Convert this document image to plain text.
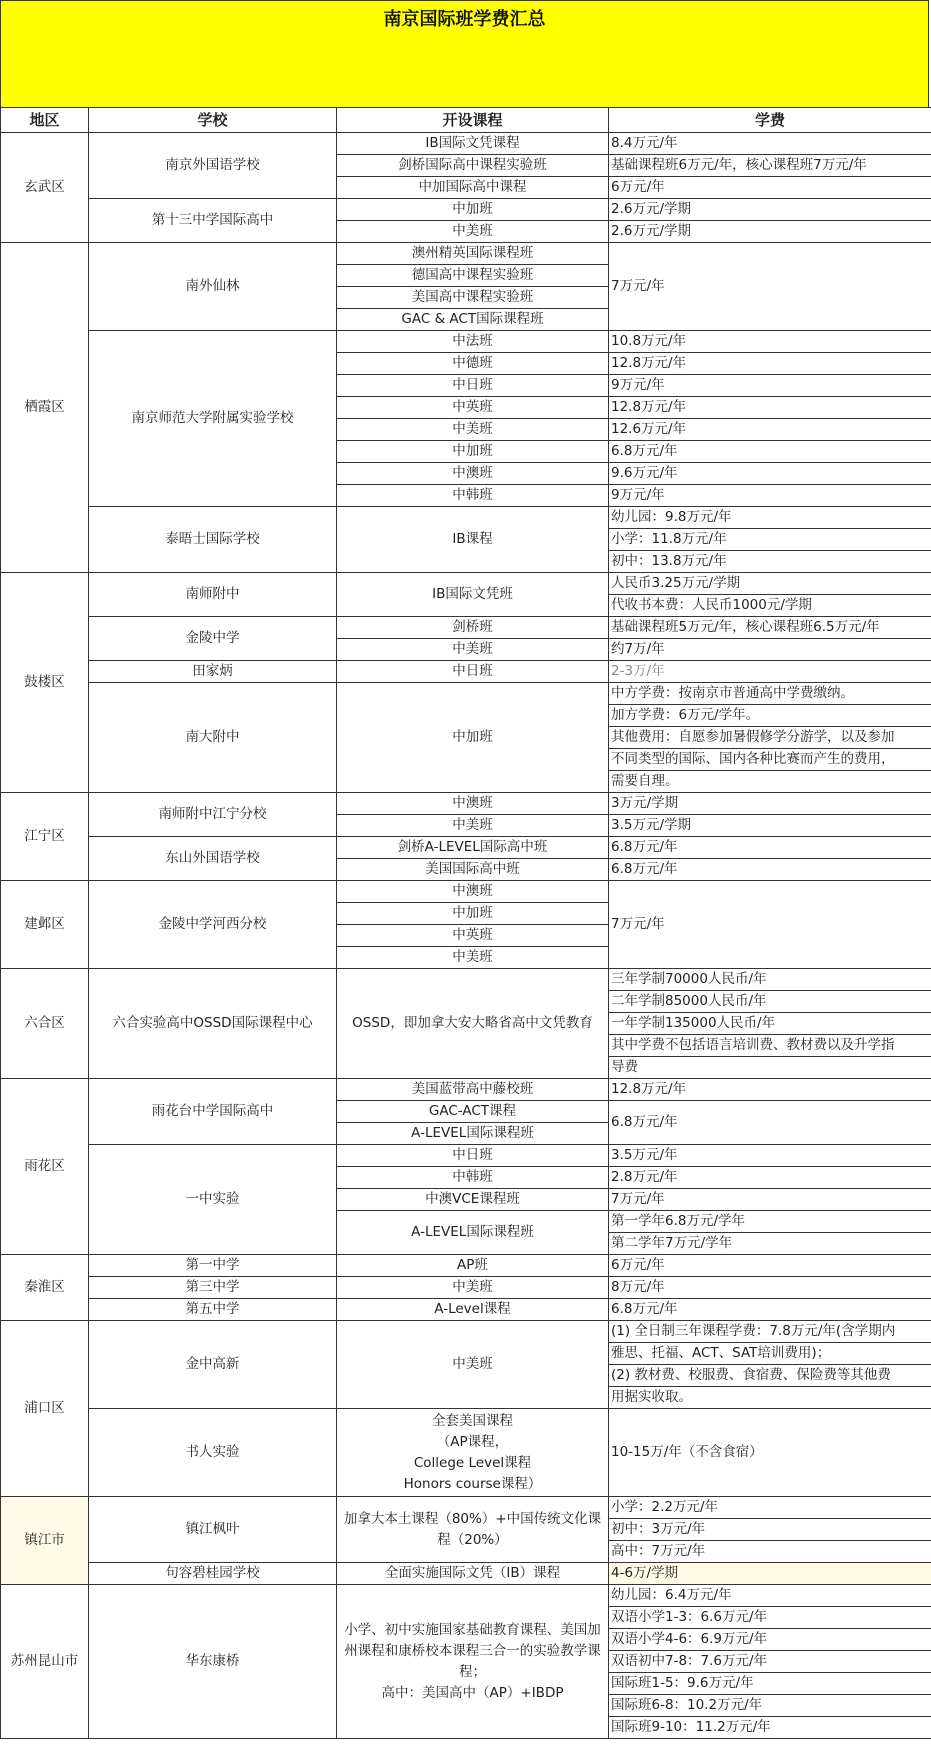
南京国际班学费汇总
地区	学校	开设课程	学费
玄武区	南京外国语学校	IB国际文凭课程	8.4万元/年
		剑桥国际高中课程实验班	基础课程班6万元/年，核心课程班7万元/年
		中加国际高中课程	6万元/年
	第十三中学国际高中	中加班	2.6万元/学期
		中美班	2.6万元/学期
栖霞区	南外仙林	澳州精英国际课程班	7万元/年
		德国高中课程实验班	
		美国高中课程实验班	
		GAC & ACT国际课程班	
	南京师范大学附属实验学校	中法班	10.8万元/年
		中德班	12.8万元/年
		中日班	9万元/年
		中英班	12.8万元/年
		中美班	12.6万元/年
		中加班	6.8万元/年
		中澳班	9.6万元/年
		中韩班	9万元/年
	泰晤士国际学校	IB课程	幼儿园：9.8万元/年
			小学：11.8万元/年
			初中：13.8万元/年
鼓楼区	南师附中	IB国际文凭班	人民币3.25万元/学期
			代收书本费：人民币1000元/学期
	金陵中学	剑桥班	基础课程班5万元/年，核心课程班6.5万元/年
		中美班	约7万/年
	田家炳	中日班	2-3万/年
	南大附中	中加班	中方学费：按南京市普通高中学费缴纳。
			加方学费：6万元/学年。
			其他费用：自愿参加暑假修学分游学，以及参加
			不同类型的国际、国内各种比赛而产生的费用，
			需要自理。
江宁区	南师附中江宁分校	中澳班	3万元/学期
		中美班	3.5万元/学期
	东山外国语学校	剑桥A-LEVEL国际高中班	6.8万元/年
		美国国际高中班	6.8万元/年
建邺区	金陵中学河西分校	中澳班	7万元/年
		中加班	
		中英班	
		中美班	
六合区	六合实验高中OSSD国际课程中心	OSSD，即加拿大安大略省高中文凭教育	三年学制70000人民币/年
			二年学制85000人民币/年
			一年学制135000人民币/年
			其中学费不包括语言培训费、教材费以及升学指
			导费
雨花区	雨花台中学国际高中	美国蓝带高中藤校班	12.8万元/年
		GAC-ACT课程	6.8万元/年
		A-LEVEL国际课程班	
	一中实验	中日班	3.5万元/年
		中韩班	2.8万元/年
		中澳VCE课程班	7万元/年
		A-LEVEL国际课程班	第一学年6.8万元/学年
			第二学年7万元/学年
秦淮区	第一中学	AP班	6万元/年
	第三中学	中美班	8万元/年
	第五中学	A-Level课程	6.8万元/年
浦口区	金中高新	中美班	(1) 全日制三年课程学费：7.8万元/年(含学期内
			雅思、托福、ACT、SAT培训费用)；
			(2) 教材费、校服费、食宿费、保险费等其他费
			用据实收取。
	书人实验	全套美国课程
（AP课程，
College Level课程
Honors course课程）	10-15万/年（不含食宿）

镇江市	镇江枫叶	加拿大本土课程（80%）+中国传统文化课程（20%）	小学：2.2万元/年
			初中：3万元/年
			高中：7万元/年
	句容碧桂园学校	全面实施国际文凭（IB）课程	4-6万/学期
苏州昆山市	华东康桥	小学、初中实施国家基础教育课程、美国加州课程和康桥校本课程三合一的实验教学课程；
高中：美国高中（AP）+IBDP	幼儿园：6.4万元/年
			双语小学1-3：6.6万元/年
			双语小学4-6：6.9万元/年
			双语初中7-8：7.6万元/年
			国际班1-5：9.6万元/年
			国际班6-8：10.2万元/年
			国际班9-10：11.2万元/年
